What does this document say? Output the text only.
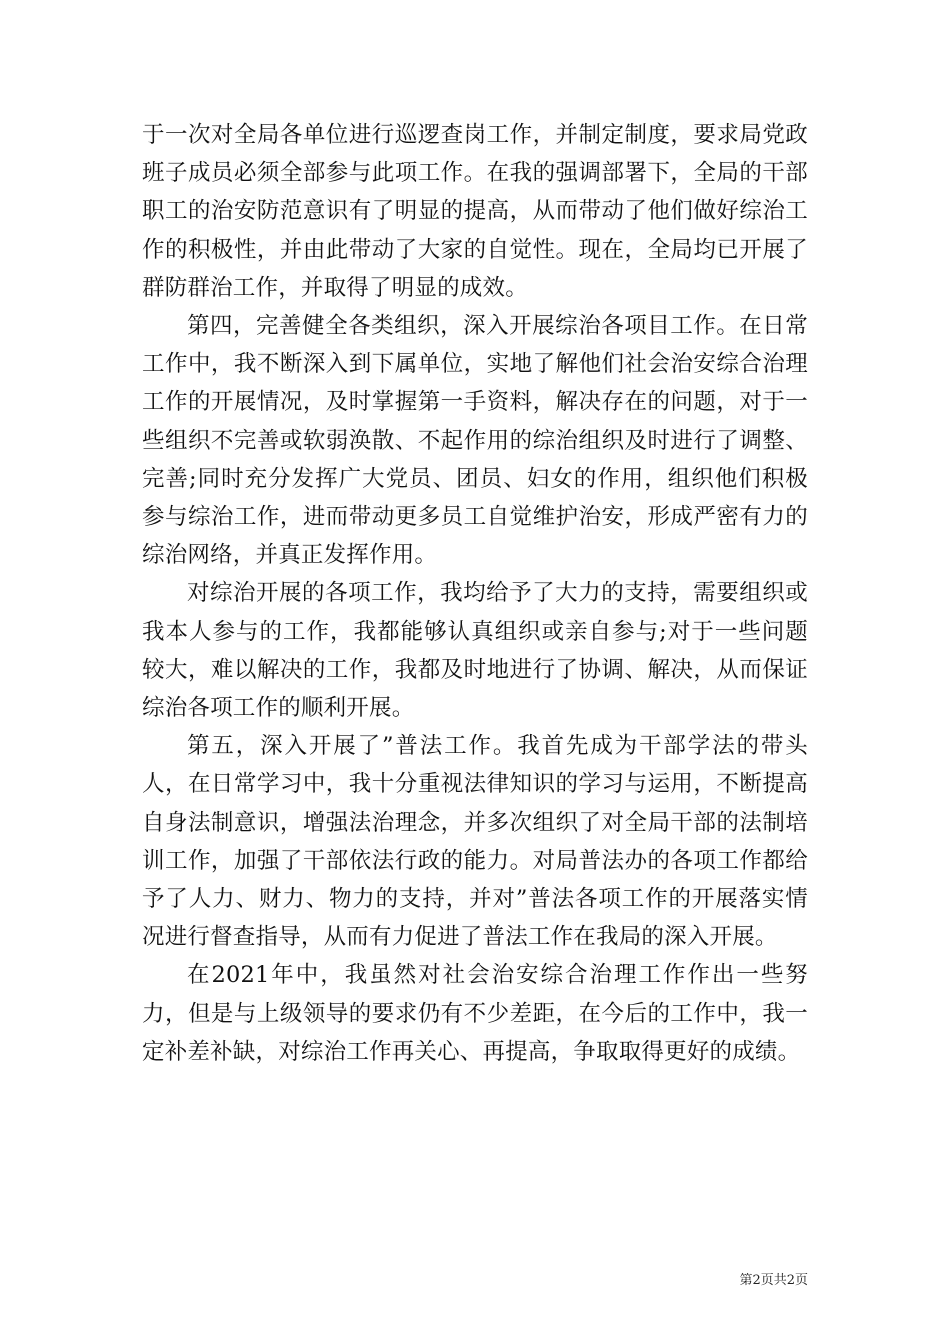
于一次对全局各单位进行巡逻查岗工作，并制定制度，要求局党政班子成员必须全部参与此项工作。在我的强调部署下，全局的干部职工的治安防范意识有了明显的提高，从而带动了他们做好综治工作的积极性，并由此带动了大家的自觉性。现在，全局均已开展了群防群治工作，并取得了明显的成效。

第四，完善健全各类组织，深入开展综治各项目工作。在日常工作中，我不断深入到下属单位，实地了解他们社会治安综合治理工作的开展情况，及时掌握第一手资料，解决存在的问题，对于一些组织不完善或软弱涣散、不起作用的综治组织及时进行了调整、完善;同时充分发挥广大党员、团员、妇女的作用，组织他们积极参与综治工作，进而带动更多员工自觉维护治安，形成严密有力的综治网络，并真正发挥作用。

对综治开展的各项工作，我均给予了大力的支持，需要组织或我本人参与的工作，我都能够认真组织或亲自参与;对于一些问题较大，难以解决的工作，我都及时地进行了协调、解决，从而保证综治各项工作的顺利开展。

第五，深入开展了”普法工作。我首先成为干部学法的带头人，在日常学习中，我十分重视法律知识的学习与运用，不断提高自身法制意识，增强法治理念，并多次组织了对全局干部的法制培训工作，加强了干部依法行政的能力。对局普法办的各项工作都给予了人力、财力、物力的支持，并对”普法各项工作的开展落实情况进行督查指导，从而有力促进了普法工作在我局的深入开展。

在2021年中，我虽然对社会治安综合治理工作作出一些努力，但是与上级领导的要求仍有不少差距，在今后的工作中，我一定补差补缺，对综治工作再关心、再提高，争取取得更好的成绩。

第2页共2页
